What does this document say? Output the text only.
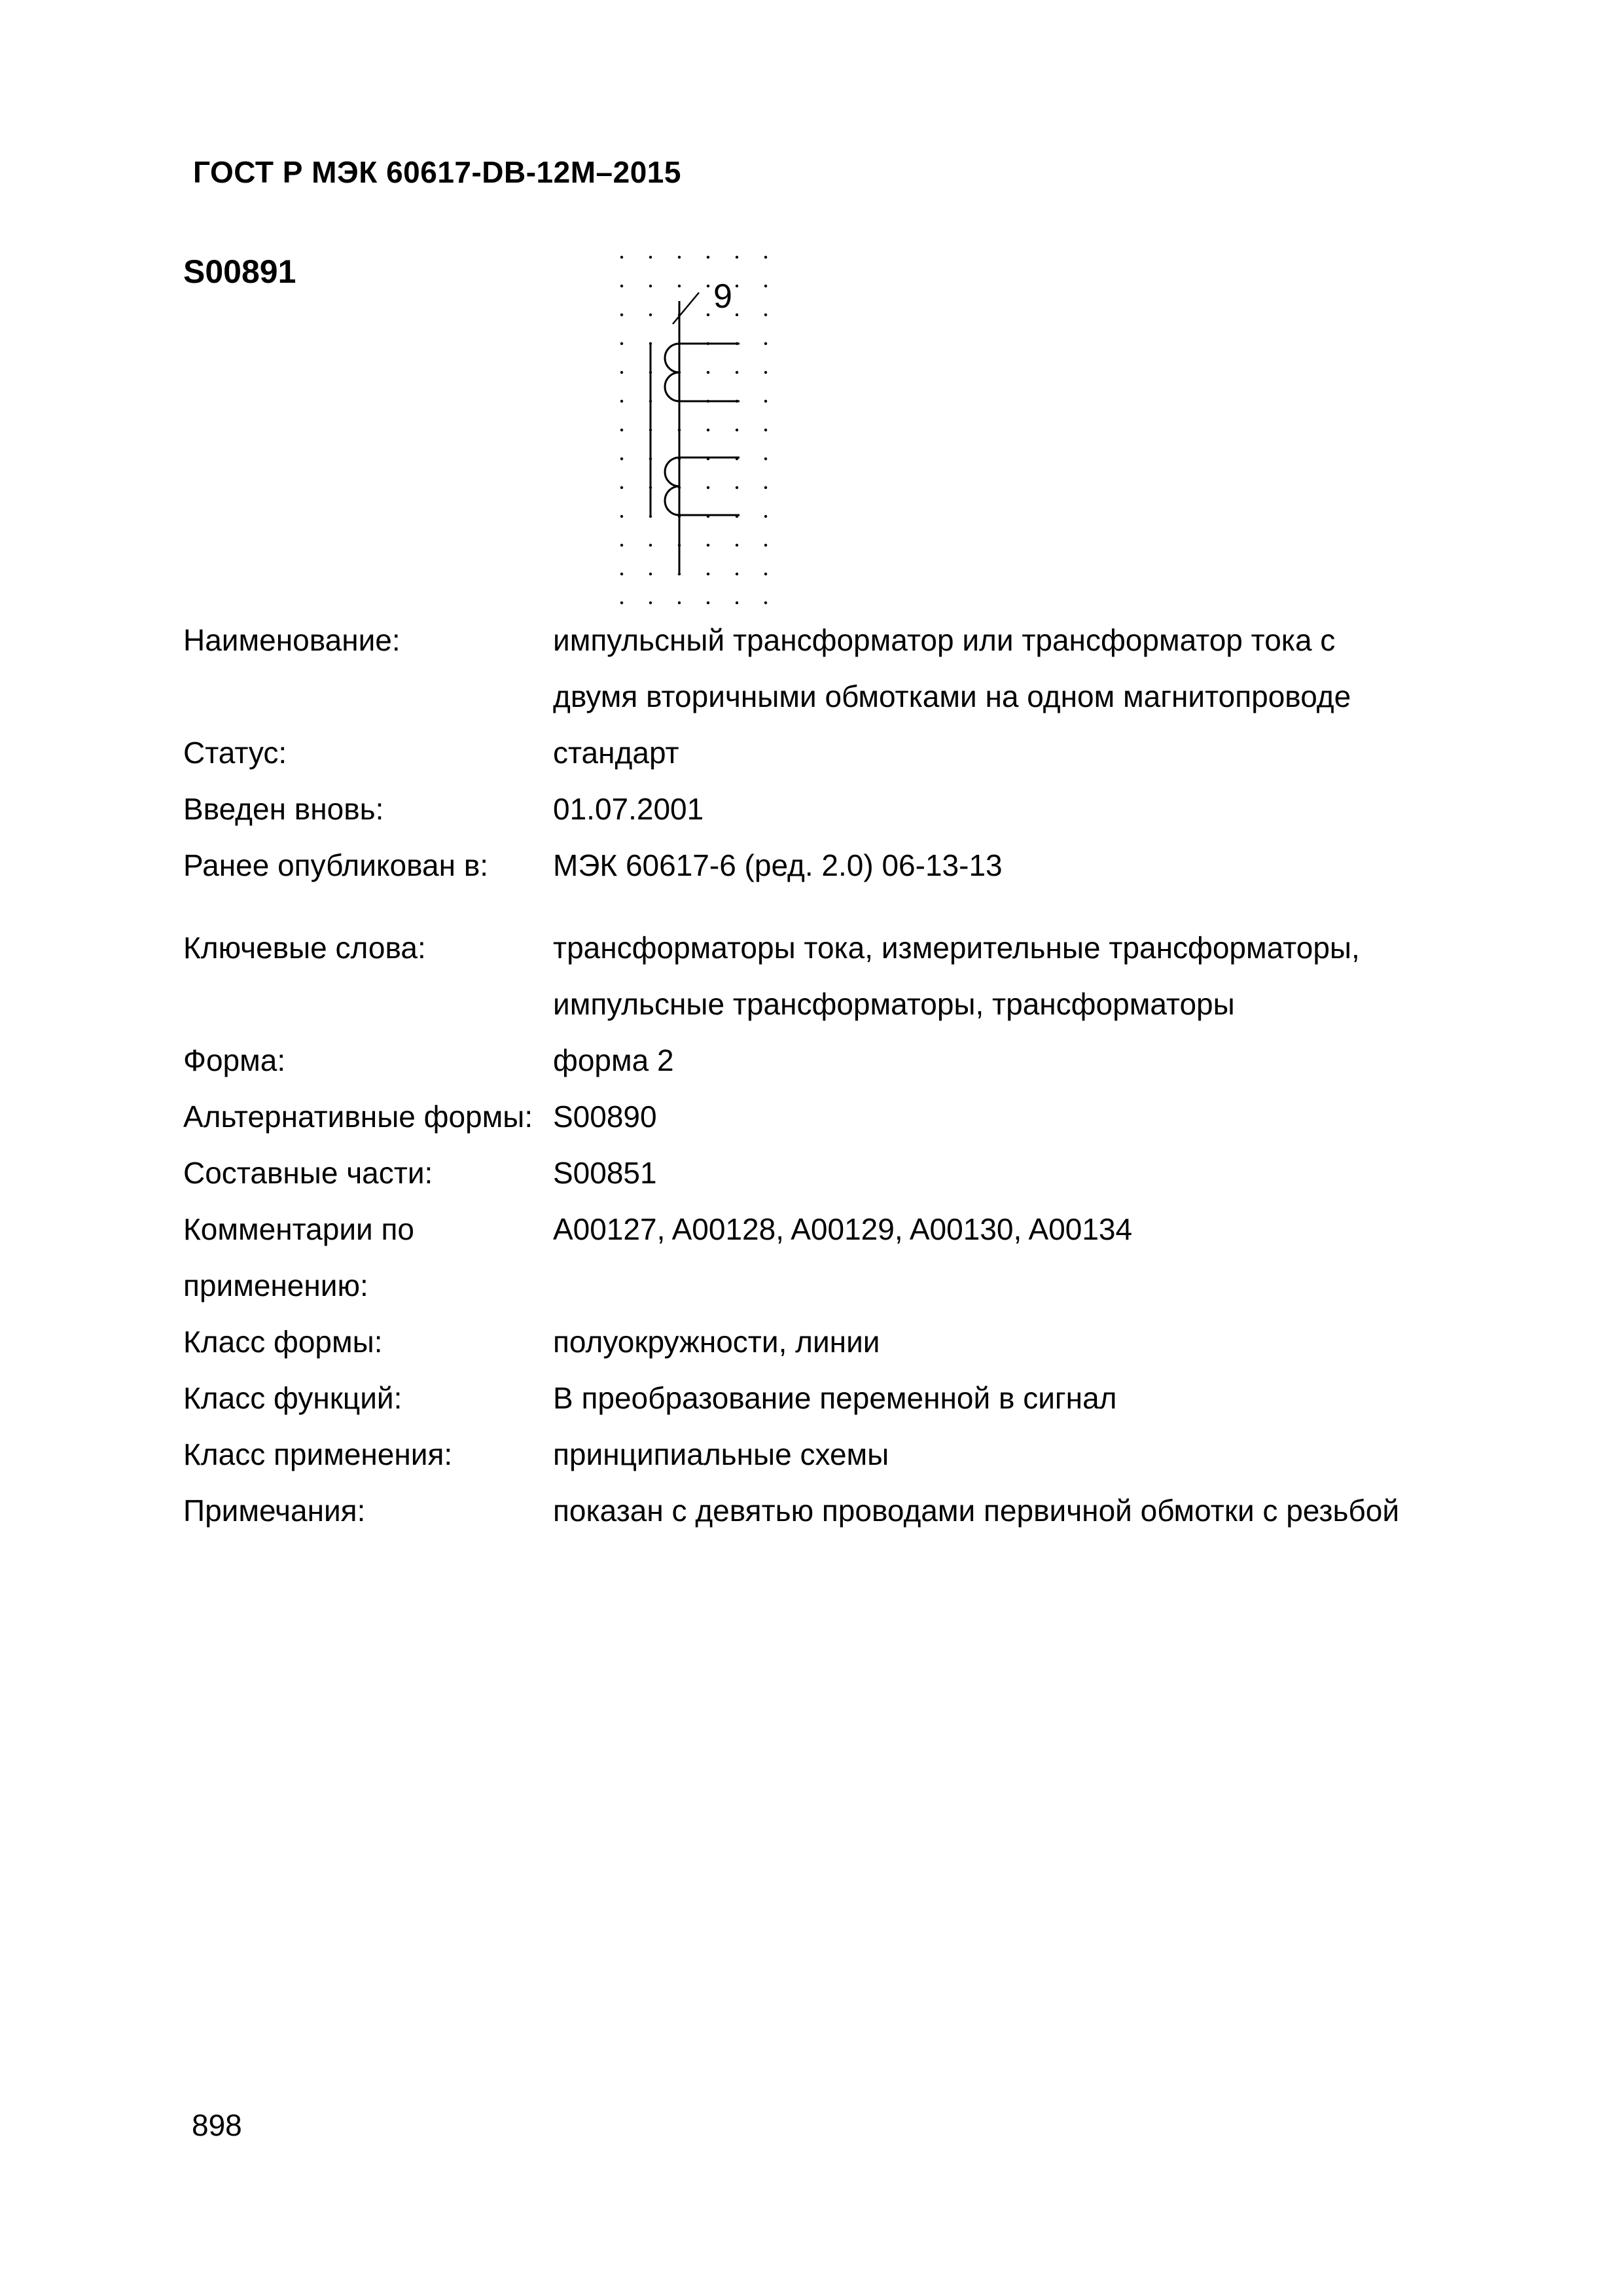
ГОСТ Р МЭК 60617-DB-12M–2015
S00891
9
Наименование:	импульсный трансформатор или трансформатор тока с двумя вторичными обмотками на одном магнитопроводе
Статус:	стандарт
Введен вновь:	01.07.2001
Ранее опубликован в:	МЭК 60617-6 (ред. 2.0) 06-13-13
Ключевые слова:	трансформаторы тока, измерительные трансформаторы, импульсные трансформаторы, трансформаторы
Форма:	форма 2
Альтернативные формы: S00890
Составные части:	S00851
Комментарии по применению:
A00127, A00128, A00129, A00130, A00134
Класс формы:	полуокружности, линии
Класс функций:	В преобразование переменной в сигнал
Класс применения:	принципиальные схемы
Примечания:	показан с девятью проводами первичной обмотки с резьбой
898
